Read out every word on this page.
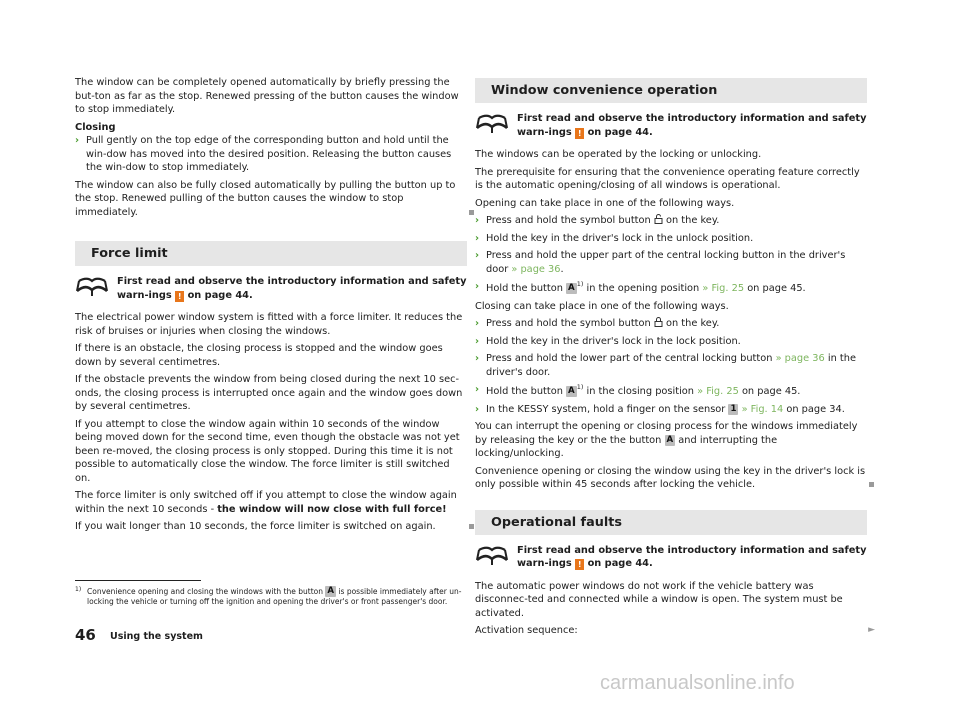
The window can be completely opened automatically by briefly pressing the but-ton as far as the stop. Renewed pressing of the button causes the window to stop immediately.

Closing

› Pull gently on the top edge of the corresponding button and hold until the win-dow has moved into the desired position. Releasing the button causes the win-dow to stop immediately.

The window can also be fully closed automatically by pulling the button up to the stop. Renewed pulling of the button causes the window to stop immediately.

Force limit
First read and observe the introductory information and safety warn-ings ! on page 44.

The electrical power window system is fitted with a force limiter. It reduces the risk of bruises or injuries when closing the windows.

If there is an obstacle, the closing process is stopped and the window goes down by several centimetres.

If the obstacle prevents the window from being closed during the next 10 sec-onds, the closing process is interrupted once again and the window goes down by several centimetres.

If you attempt to close the window again within 10 seconds of the window being moved down for the second time, even though the obstacle was not yet been re-moved, the closing process is only stopped. During this time it is not possible to automatically close the window. The force limiter is still switched on.

The force limiter is only switched off if you attempt to close the window again within the next 10 seconds - the window will now close with full force!

If you wait longer than 10 seconds, the force limiter is switched on again.

Window convenience operation
First read and observe the introductory information and safety warn-ings ! on page 44.

The windows can be operated by the locking or unlocking.

The prerequisite for ensuring that the convenience operating feature correctly is the automatic opening/closing of all windows is operational.

Opening can take place in one of the following ways.

› Press and hold the symbol button on the key.

› Hold the key in the driver's lock in the unlock position.

› Press and hold the upper part of the central locking button in the driver's door » page 36.

› Hold the button A $^{1)}$ in the opening position » Fig. 25 on page 45.

Closing can take place in one of the following ways.

› Press and hold the symbol button on the key.

› Hold the key in the driver's lock in the lock position.

› Press and hold the lower part of the central locking button » page 36 in the driver's door.

› Hold the button A $^{1)}$ in the closing position » Fig. 25 on page 45.

› In the KESSY system, hold a finger on the sensor 1 » Fig. 14 on page 34.

You can interrupt the opening or closing process for the windows immediately by releasing the key or the the button A and interrupting the locking/unlocking.

Convenience opening or closing the window using the key in the driver's lock is only possible within 45 seconds after locking the vehicle.

Operational faults
First read and observe the introductory information and safety warn-ings ! on page 44.

The automatic power windows do not work if the vehicle battery was disconnec-ted and connected while a window is open. The system must be activated.

Activation sequence:	►

1) Convenience opening and closing the windows with the button A is possible immediately after un-locking the vehicle or turning off the ignition and opening the driver's or front passenger's door.
46 Using the system
carmanualsonline.info
